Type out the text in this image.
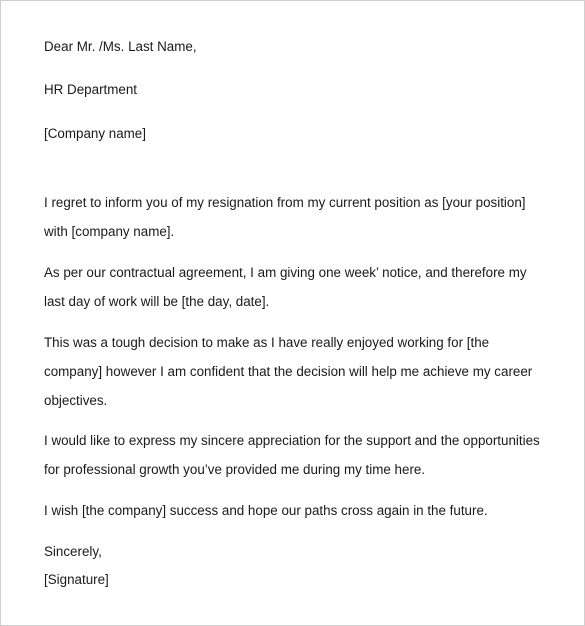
Dear Mr. /Ms. Last Name,

HR Department

[Company name]

I regret to inform you of my resignation from my current position as [your position]

with [company name].

As per our contractual agreement, I am giving one week’ notice, and therefore my

last day of work will be [the day, date].

This was a tough decision to make as I have really enjoyed working for [the

company] however I am confident that the decision will help me achieve my career

objectives.

I would like to express my sincere appreciation for the support and the opportunities

for professional growth you’ve provided me during my time here.

I wish [the company] success and hope our paths cross again in the future.

Sincerely,

[Signature]
